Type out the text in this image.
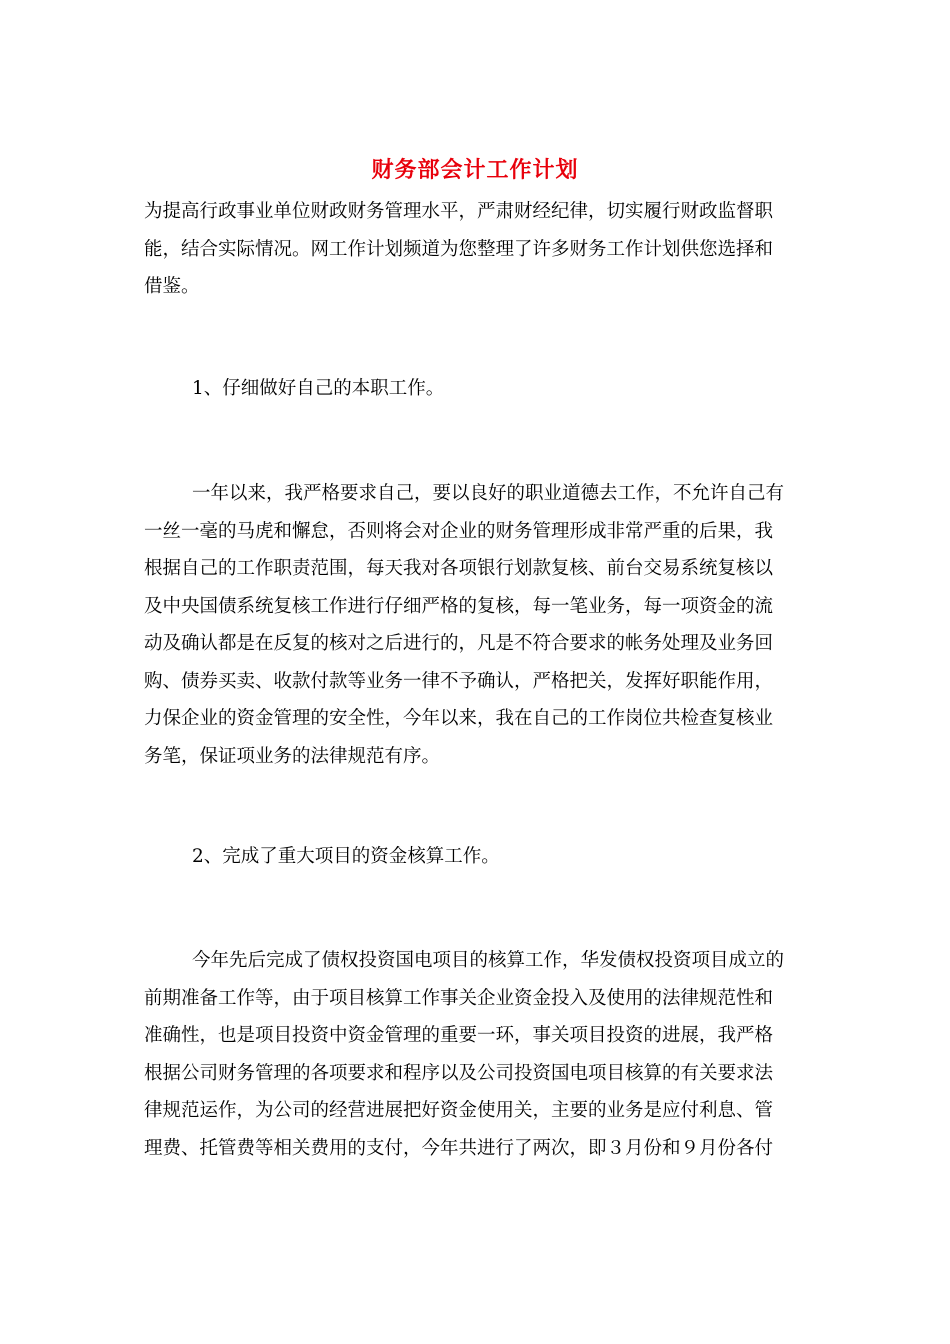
财务部会计工作计划
为提高行政事业单位财政财务管理水平，严肃财经纪律，切实履行财政监督职
能，结合实际情况。网工作计划频道为您整理了许多财务工作计划供您选择和
借鉴。
1、仔细做好自己的本职工作。
一年以来，我严格要求自己，要以良好的职业道德去工作，不允许自己有
一丝一毫的马虎和懈怠，否则将会对企业的财务管理形成非常严重的后果，我
根据自己的工作职责范围，每天我对各项银行划款复核、前台交易系统复核以
及中央国债系统复核工作进行仔细严格的复核，每一笔业务，每一项资金的流
动及确认都是在反复的核对之后进行的，凡是不符合要求的帐务处理及业务回
购、债券买卖、收款付款等业务一律不予确认，严格把关，发挥好职能作用，
力保企业的资金管理的安全性，今年以来，我在自己的工作岗位共检查复核业
务笔，保证项业务的法律规范有序。
2、完成了重大项目的资金核算工作。
今年先后完成了债权投资国电项目的核算工作，华发债权投资项目成立的
前期准备工作等，由于项目核算工作事关企业资金投入及使用的法律规范性和
准确性，也是项目投资中资金管理的重要一环，事关项目投资的进展，我严格
根据公司财务管理的各项要求和程序以及公司投资国电项目核算的有关要求法
律规范运作，为公司的经营进展把好资金使用关，主要的业务是应付利息、管
理费、托管费等相关费用的支付，今年共进行了两次，即３月份和９月份各付
